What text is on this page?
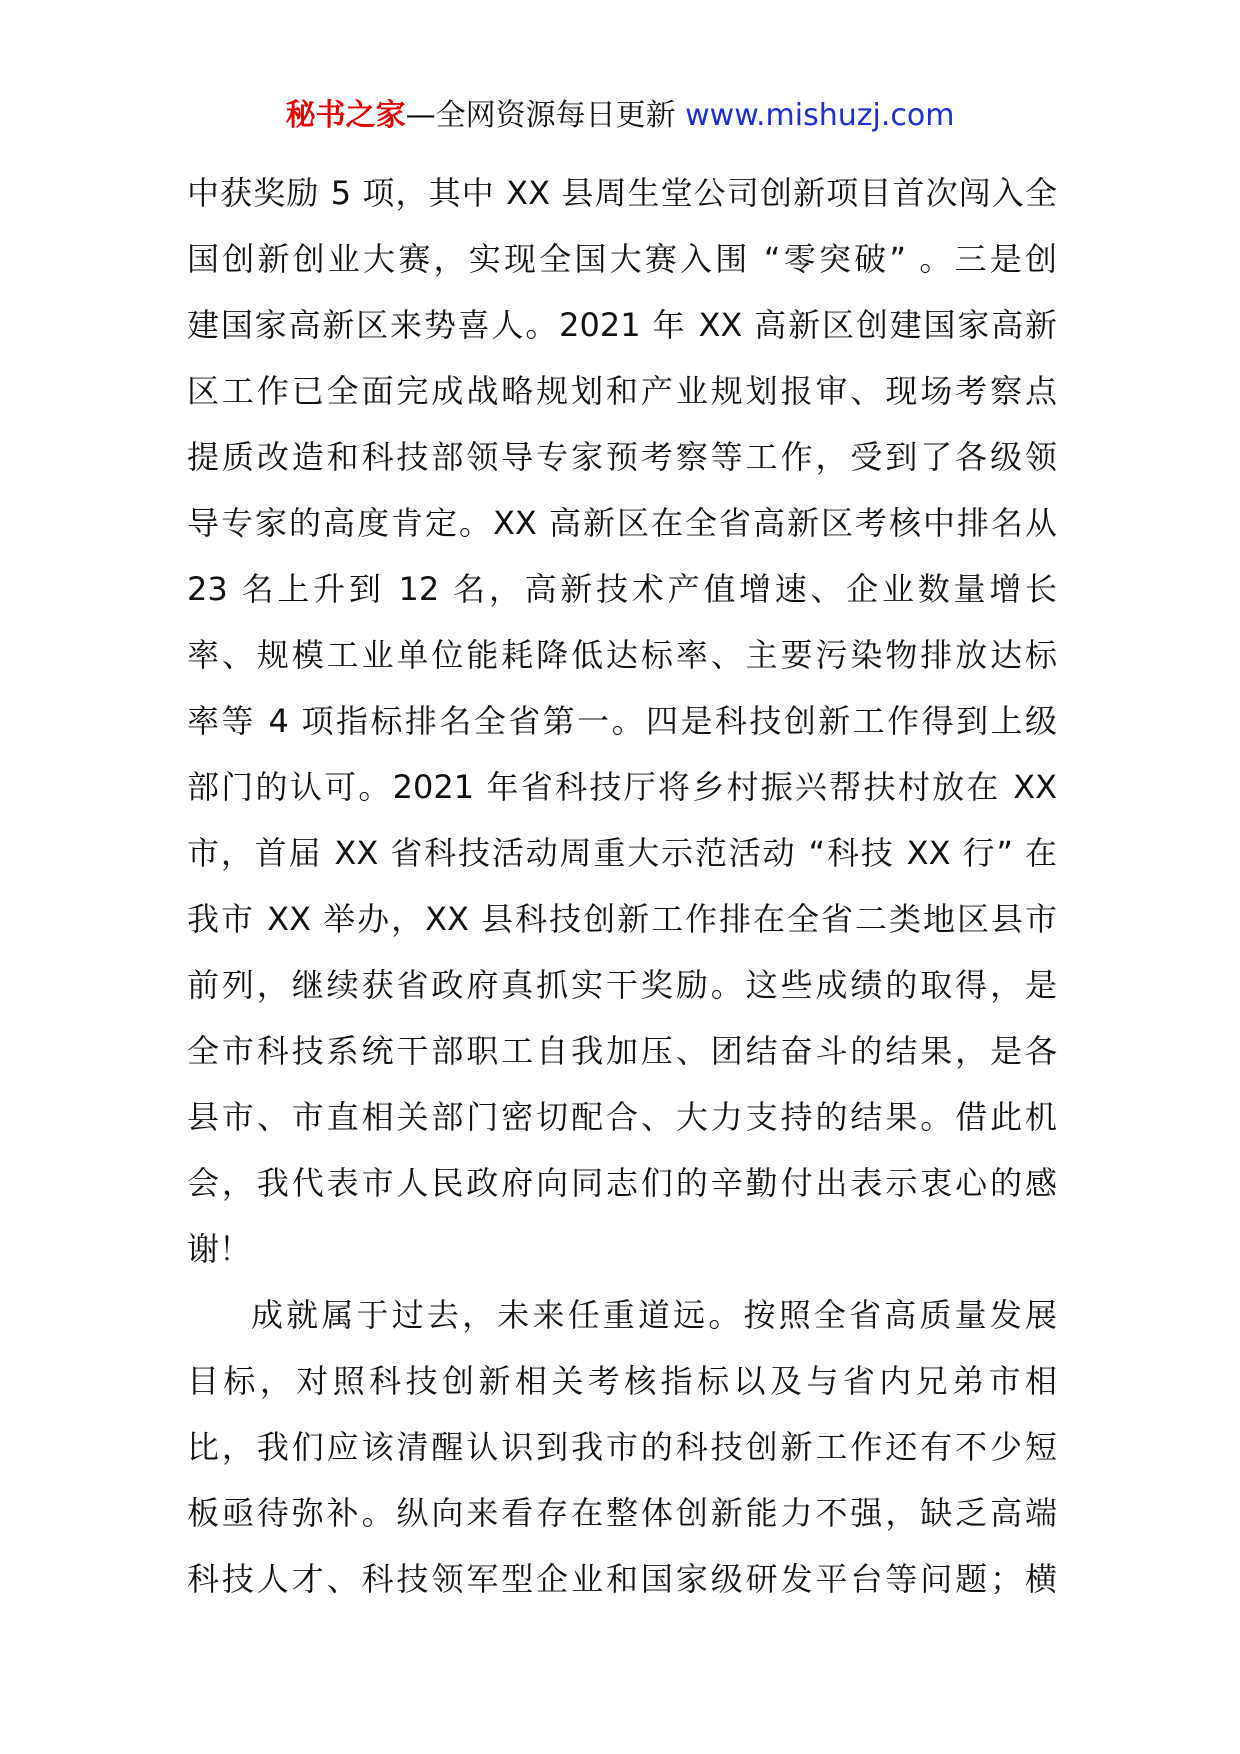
秘书之家—全网资源每日更新 www.mishuzj.com
中获奖励 5 项，其中 XX 县周生堂公司创新项目首次闯入全
国创新创业大赛，实现全国大赛入围 “零突破” 。三是创
建国家高新区来势喜人。2021 年 XX 高新区创建国家高新
区工作已全面完成战略规划和产业规划报审、现场考察点
提质改造和科技部领导专家预考察等工作，受到了各级领
导专家的高度肯定。XX 高新区在全省高新区考核中排名从
23 名上升到 12 名，高新技术产值增速、企业数量增长
率、规模工业单位能耗降低达标率、主要污染物排放达标
率等 4 项指标排名全省第一。四是科技创新工作得到上级
部门的认可。2021 年省科技厅将乡村振兴帮扶村放在 XX
市，首届 XX 省科技活动周重大示范活动 “科技 XX 行” 在
我市 XX 举办，XX 县科技创新工作排在全省二类地区县市
前列，继续获省政府真抓实干奖励。这些成绩的取得，是
全市科技系统干部职工自我加压、团结奋斗的结果，是各
县市、市直相关部门密切配合、大力支持的结果。借此机
会，我代表市人民政府向同志们的辛勤付出表示衷心的感
谢！
成就属于过去，未来任重道远。按照全省高质量发展
目标，对照科技创新相关考核指标以及与省内兄弟市相
比，我们应该清醒认识到我市的科技创新工作还有不少短
板亟待弥补。纵向来看存在整体创新能力不强，缺乏高端
科技人才、科技领军型企业和国家级研发平台等问题；横
